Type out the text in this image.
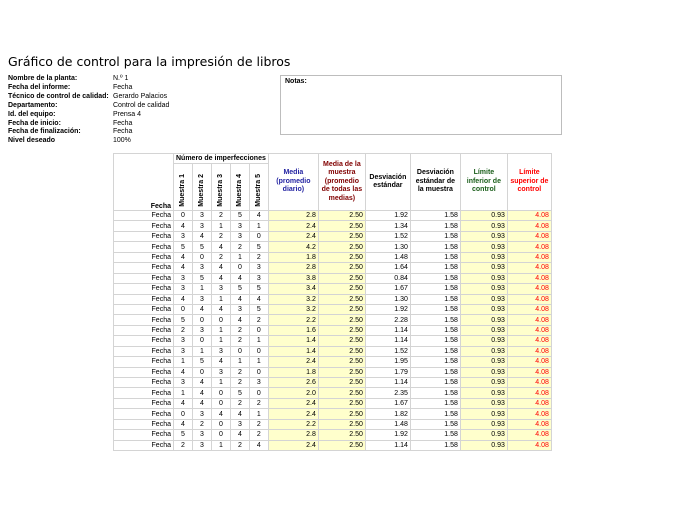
Gráfico de control para la impresión de libros
Nombre de la planta:	N.º 1
Fecha del informe:	Fecha
Técnico de control de calidad: Gerardo Palacios
Departamento:	Control de calidad
Id. del equipo:	Prensa 4
Fecha de inicio:	Fecha
Fecha de finalización:	Fecha
Nivel deseado	100%
Notas:
Fecha	Número de imperfecciones					Media (promedio diario)	Media de la muestra (promedio de todas las medias)	Desviación estándar	Desviación estándar de la muestra	Límite inferior de control	Límite superior de control
	Muestra 1	Muestra 2	Muestra 3	Muestra 4	Muestra 5						
Fecha	0	3	2	5	4	2.8	2.50	1.92	1.58	0.93	4.08
Fecha	4	3	1	3	1	2.4	2.50	1.34	1.58	0.93	4.08
Fecha	3	4	2	3	0	2.4	2.50	1.52	1.58	0.93	4.08
Fecha	5	5	4	2	5	4.2	2.50	1.30	1.58	0.93	4.08
Fecha	4	0	2	1	2	1.8	2.50	1.48	1.58	0.93	4.08
Fecha	4	3	4	0	3	2.8	2.50	1.64	1.58	0.93	4.08
Fecha	3	5	4	4	3	3.8	2.50	0.84	1.58	0.93	4.08
Fecha	3	1	3	5	5	3.4	2.50	1.67	1.58	0.93	4.08
Fecha	4	3	1	4	4	3.2	2.50	1.30	1.58	0.93	4.08
Fecha	0	4	4	3	5	3.2	2.50	1.92	1.58	0.93	4.08
Fecha	5	0	0	4	2	2.2	2.50	2.28	1.58	0.93	4.08
Fecha	2	3	1	2	0	1.6	2.50	1.14	1.58	0.93	4.08
Fecha	3	0	1	2	1	1.4	2.50	1.14	1.58	0.93	4.08
Fecha	3	1	3	0	0	1.4	2.50	1.52	1.58	0.93	4.08
Fecha	1	5	4	1	1	2.4	2.50	1.95	1.58	0.93	4.08
Fecha	4	0	3	2	0	1.8	2.50	1.79	1.58	0.93	4.08
Fecha	3	4	1	2	3	2.6	2.50	1.14	1.58	0.93	4.08
Fecha	1	4	0	5	0	2.0	2.50	2.35	1.58	0.93	4.08
Fecha	4	4	0	2	2	2.4	2.50	1.67	1.58	0.93	4.08
Fecha	0	3	4	4	1	2.4	2.50	1.82	1.58	0.93	4.08
Fecha	4	2	0	3	2	2.2	2.50	1.48	1.58	0.93	4.08
Fecha	5	3	0	4	2	2.8	2.50	1.92	1.58	0.93	4.08
Fecha	2	3	1	2	4	2.4	2.50	1.14	1.58	0.93	4.08
